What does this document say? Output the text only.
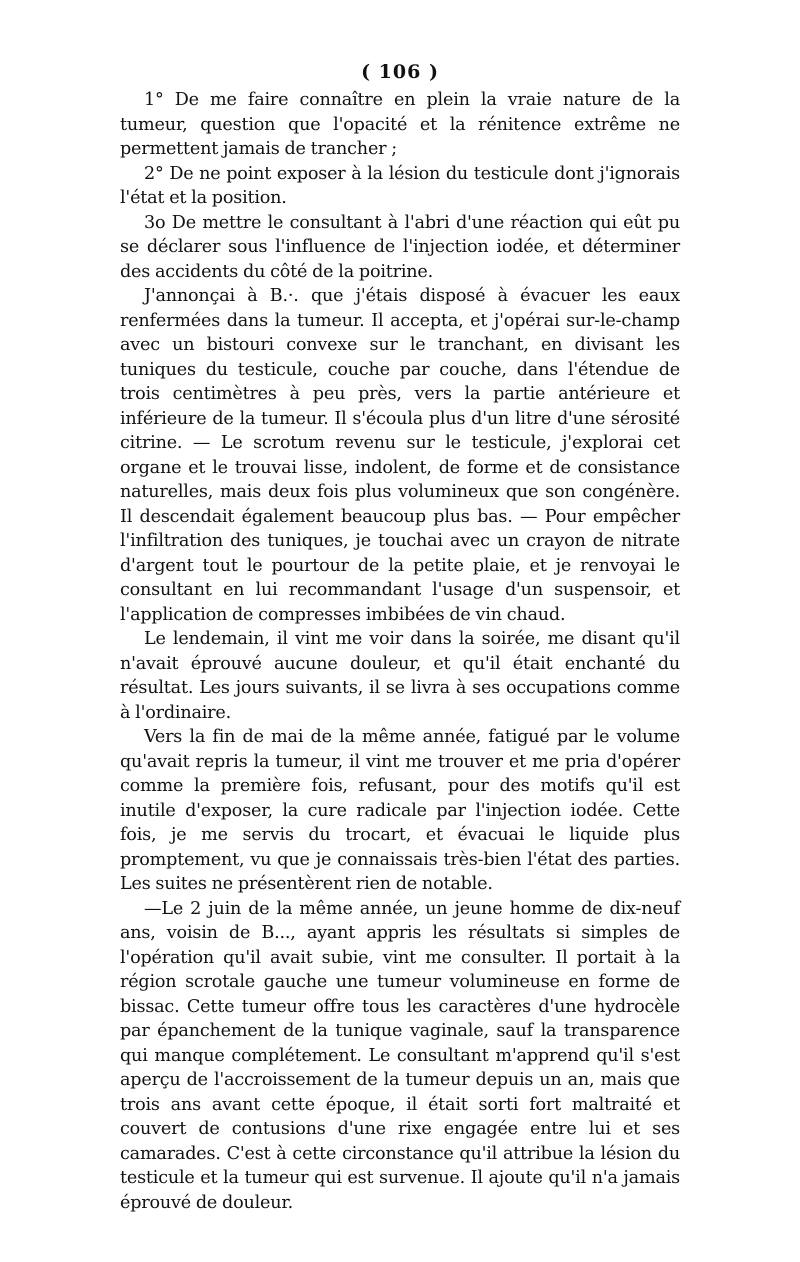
( 106 )

1° De me faire connaître en plein la vraie nature de la tumeur, question que l'opacité et la rénitence extrême ne permettent jamais de trancher ;

2° De ne point exposer à la lésion du testicule dont j'ignorais l'état et la position.

3o De mettre le consultant à l'abri d'une réaction qui eût pu se déclarer sous l'influence de l'injection iodée, et déterminer des accidents du côté de la poitrine.

J'annonçai à B.·. que j'étais disposé à évacuer les eaux renfermées dans la tumeur. Il accepta, et j'opérai sur-le-champ avec un bistouri convexe sur le tranchant, en divisant les tuniques du testicule, couche par couche, dans l'étendue de trois centimètres à peu près, vers la partie antérieure et inférieure de la tumeur. Il s'écoula plus d'un litre d'une sérosité citrine. — Le scrotum revenu sur le testicule, j'explorai cet organe et le trouvai lisse, indolent, de forme et de consistance naturelles, mais deux fois plus volumineux que son congénère. Il descendait également beaucoup plus bas. — Pour empêcher l'infiltration des tuniques, je touchai avec un crayon de nitrate d'argent tout le pourtour de la petite plaie, et je renvoyai le consultant en lui recommandant l'usage d'un suspensoir, et l'application de compresses imbibées de vin chaud.

Le lendemain, il vint me voir dans la soirée, me disant qu'il n'avait éprouvé aucune douleur, et qu'il était enchanté du résultat. Les jours suivants, il se livra à ses occupations comme à l'ordinaire.

Vers la fin de mai de la même année, fatigué par le volume qu'avait repris la tumeur, il vint me trouver et me pria d'opérer comme la première fois, refusant, pour des motifs qu'il est inutile d'exposer, la cure radicale par l'injection iodée. Cette fois, je me servis du trocart, et évacuai le liquide plus promptement, vu que je connaissais très-bien l'état des parties. Les suites ne présentèrent rien de notable.

—Le 2 juin de la même année, un jeune homme de dix-neuf ans, voisin de B..., ayant appris les résultats si simples de l'opération qu'il avait subie, vint me consulter. Il portait à la région scrotale gauche une tumeur volumineuse en forme de bissac. Cette tumeur offre tous les caractères d'une hydrocèle par épanchement de la tunique vaginale, sauf la transparence qui manque complétement. Le consultant m'apprend qu'il s'est aperçu de l'accroissement de la tumeur depuis un an, mais que trois ans avant cette époque, il était sorti fort maltraité et couvert de contusions d'une rixe engagée entre lui et ses camarades. C'est à cette circonstance qu'il attribue la lésion du testicule et la tumeur qui est survenue. Il ajoute qu'il n'a jamais éprouvé de douleur.
